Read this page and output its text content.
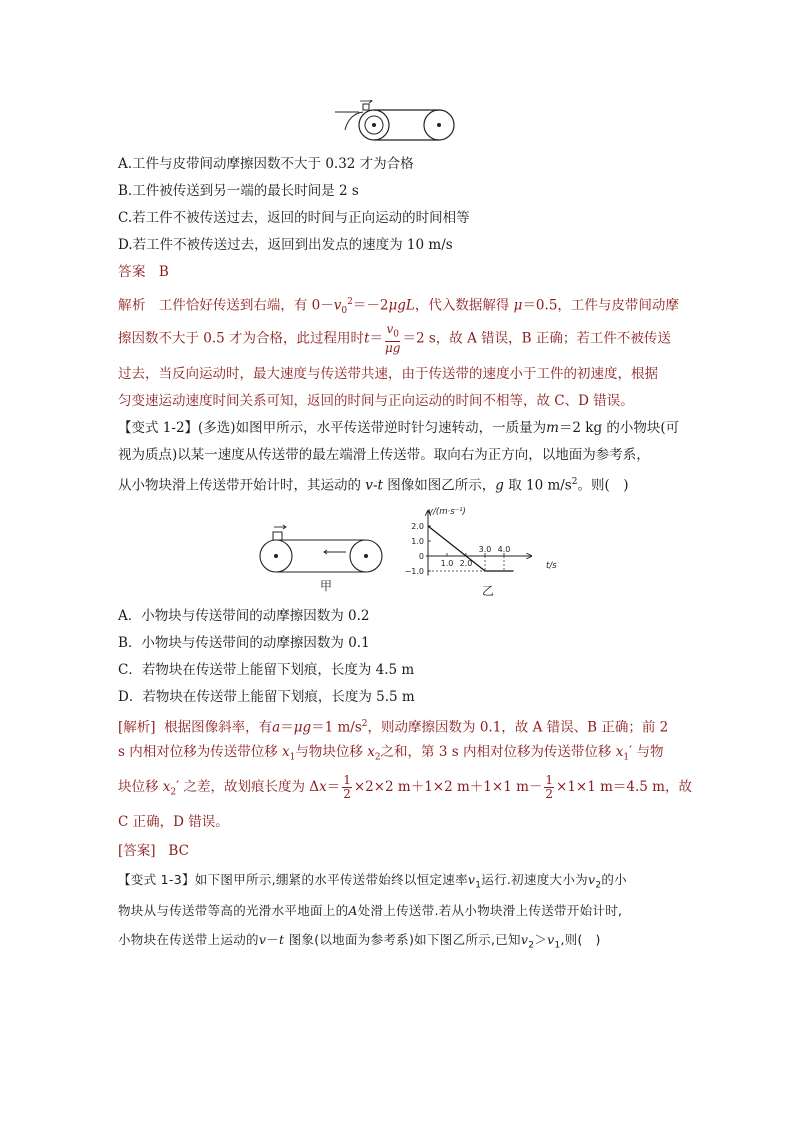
A.工件与皮带间动摩擦因数不大于 0.32 才为合格
B.工件被传送到另一端的最长时间是 2 s
C.若工件不被传送过去，返回的时间与正向运动的时间相等
D.若工件不被传送过去，返回到出发点的速度为 10 m/s
答案 B
解析 工件恰好传送到右端，有 $0-v_0^2=-2\mu gL$，代入数据解得 μ＝0.5，工件与皮带间动摩
擦因数不大于 0.5 才为合格，此过程用时$t= \frac{v_0}{\mu g} =2$ s，故 A 错误，B 正确；若工件不被传送
过去，当反向运动时，最大速度与传送带共速，由于传送带的速度小于工件的初速度，根据
匀变速运动速度时间关系可知，返回的时间与正向运动的时间不相等，故 C、D 错误。
【变式 1-2】(多选)如图甲所示，水平传送带逆时针匀速转动，一质量为m＝2 kg 的小物块(可
视为质点)以某一速度从传送带的最左端滑上传送带。取向右为正方向，以地面为参考系，
从小物块滑上传送带开始计时，其运动的 v-t 图像如图乙所示，g 取 10 $m/s^2$。则(　)
甲
2.0
1.0
0
−1.0
1.0 2.0
3.0 4.0
v/(m·s⁻¹)
t/s
乙
A．小物块与传送带间的动摩擦因数为 0.2
B．小物块与传送带间的动摩擦因数为 0.1
C．若物块在传送带上能留下划痕，长度为 4.5 m
D．若物块在传送带上能留下划痕，长度为 5.5 m
[解析] 根据图像斜率，有a＝μg＝1 $m/s^2$，则动摩擦因数为 0.1，故 A 错误、B 正确；前 2
s 内相对位移为传送带位移 $x_1$与物块位移 $x_2$之和，第 3 s 内相对位移为传送带位移 $x_1'$ 与物
块位移 $x_2'$ 之差，故划痕长度为 $\Delta x= \frac{1}{2} \times 2\times 2$ m＋1×2 m＋1×1 $m- \frac{1}{2} \times 1\times 1$ m＝4.5 m，故
C 正确，D 错误。
[答案] BC
【变式 1-3】如下图甲所示,绷紧的水平传送带始终以恒定速率$v_1$运行.初速度大小为$v_2$的小
物块从与传送带等高的光滑水平地面上的A处滑上传送带.若从小物块滑上传送带开始计时,
小物块在传送带上运动的v－t 图象(以地面为参考系)如下图乙所示,已知$v_2>v_1$,则(　)
